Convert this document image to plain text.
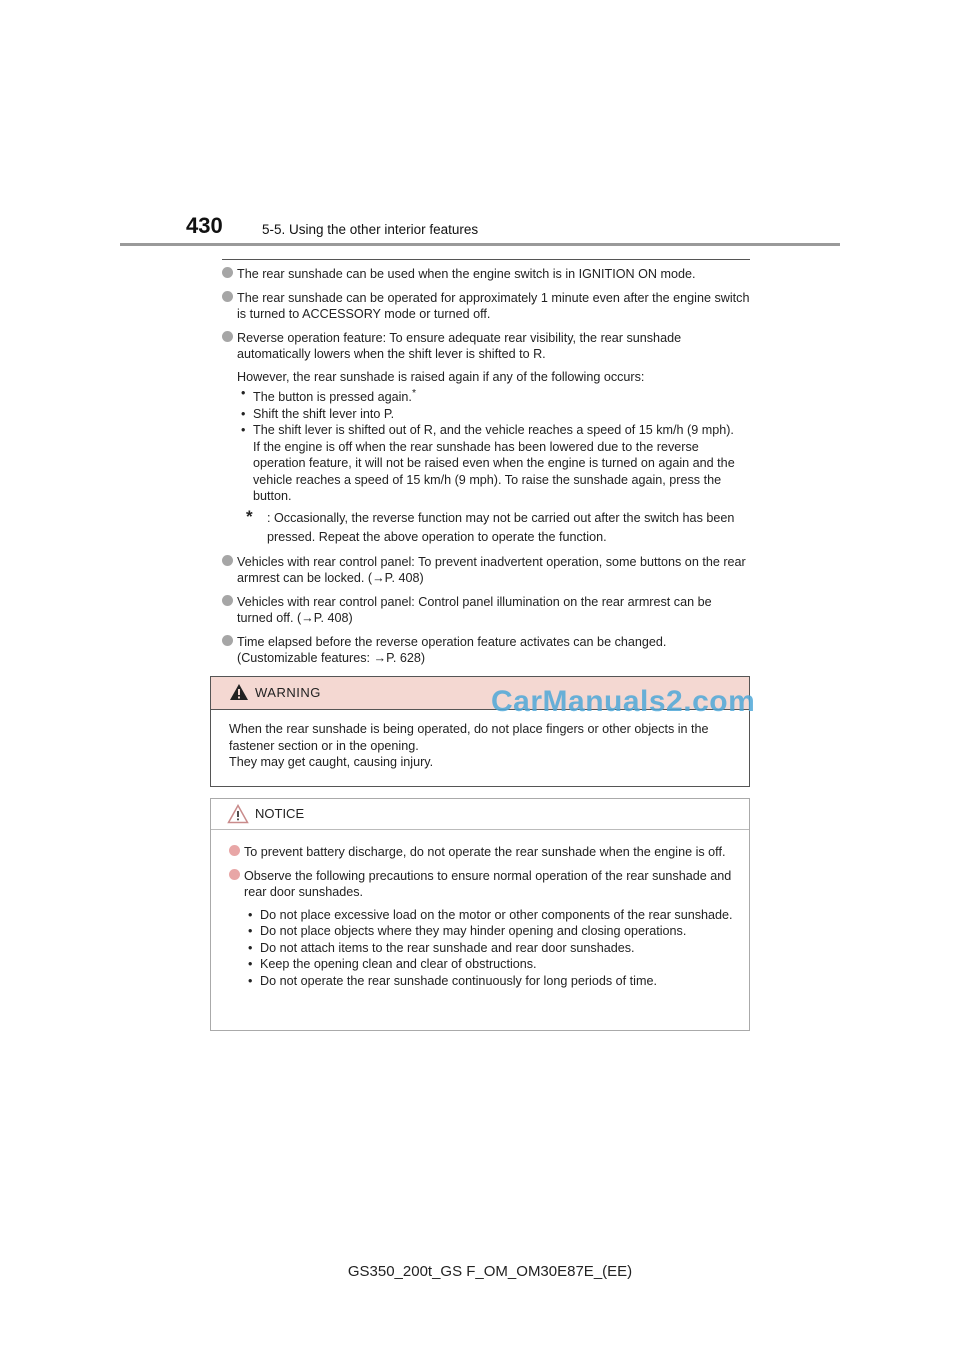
430	5-5. Using the other interior features
The rear sunshade can be used when the engine switch is in IGNITION ON mode.
The rear sunshade can be operated for approximately 1 minute even after the engine switch is turned to ACCESSORY mode or turned off.
Reverse operation feature: To ensure adequate rear visibility, the rear sunshade automatically lowers when the shift lever is shifted to R.
However, the rear sunshade is raised again if any of the following occurs:
• The button is pressed again.*
• Shift the shift lever into P.
• The shift lever is shifted out of R, and the vehicle reaches a speed of 15 km/h (9 mph).
If the engine is off when the rear sunshade has been lowered due to the reverse operation feature, it will not be raised even when the engine is turned on again and the vehicle reaches a speed of 15 km/h (9 mph). To raise the sunshade again, press the button.
* : Occasionally, the reverse function may not be carried out after the switch has been pressed. Repeat the above operation to operate the function.
Vehicles with rear control panel: To prevent inadvertent operation, some buttons on the rear armrest can be locked. (→P. 408)
Vehicles with rear control panel: Control panel illumination on the rear armrest can be turned off. (→P. 408)
Time elapsed before the reverse operation feature activates can be changed. (Customizable features: →P. 628)
WARNING
When the rear sunshade is being operated, do not place fingers or other objects in the fastener section or in the opening.
They may get caught, causing injury.
CarManuals2.com
NOTICE
To prevent battery discharge, do not operate the rear sunshade when the engine is off.
Observe the following precautions to ensure normal operation of the rear sunshade and rear door sunshades.
• Do not place excessive load on the motor or other components of the rear sunshade.
• Do not place objects where they may hinder opening and closing operations.
• Do not attach items to the rear sunshade and rear door sunshades.
• Keep the opening clean and clear of obstructions.
• Do not operate the rear sunshade continuously for long periods of time.
GS350_200t_GS F_OM_OM30E87E_(EE)
